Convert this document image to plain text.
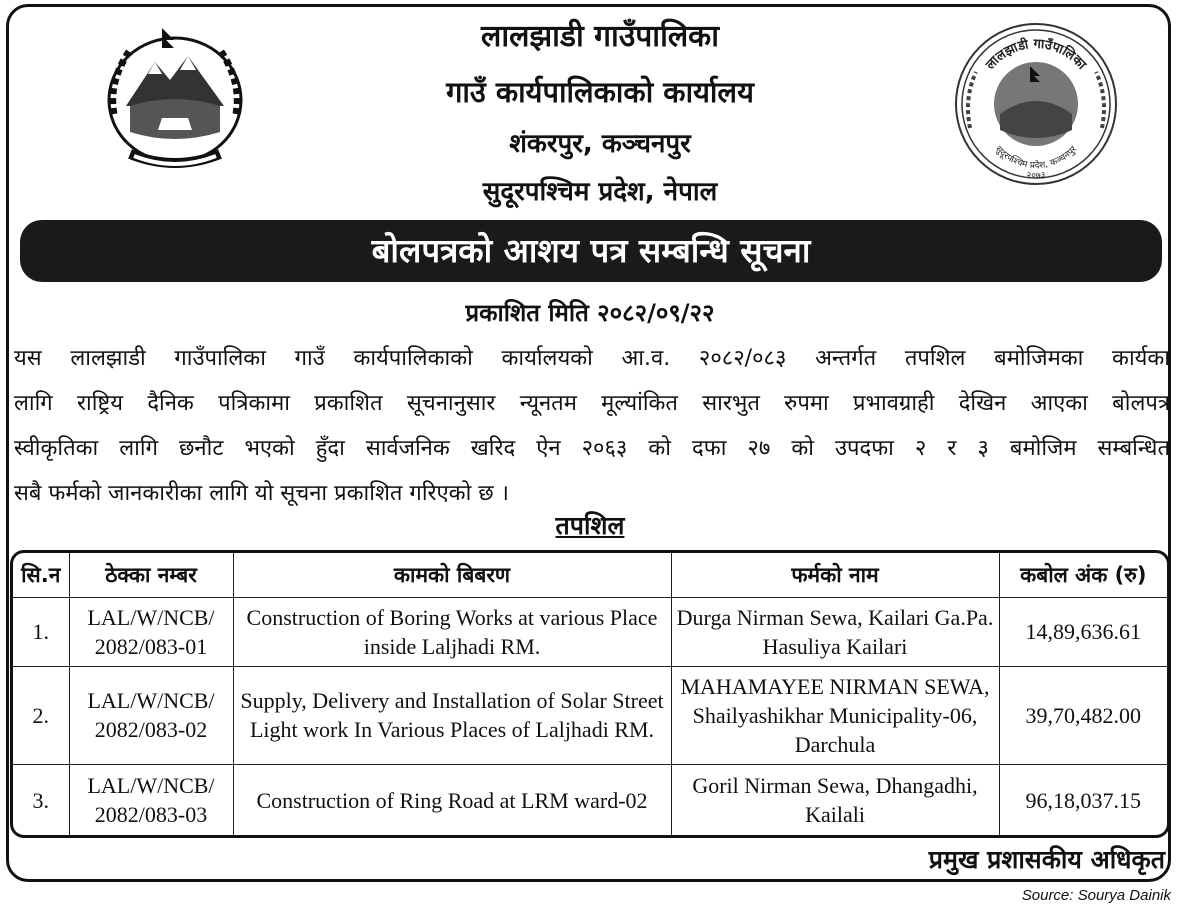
लालझाडी गाउँपालिका
सुदूरपश्चिम प्रदेश, कञ्चनपुर
२०७३
लालझाडी गाउँपालिका
गाउँ कार्यपालिकाको कार्यालय
शंकरपुर, कञ्चनपुर
सुदूरपश्चिम प्रदेश, नेपाल
बोलपत्रको आशय पत्र सम्बन्धि सूचना
प्रकाशित मिति २०८२/०९/२२
यस लालझाडी गाउँपालिका गाउँ कार्यपालिकाको कार्यालयको आ.व. २०८२/०८३ अन्तर्गत तपशिल बमोजिमका कार्यका
लागि राष्ट्रिय दैनिक पत्रिकामा प्रकाशित सूचनानुसार न्यूनतम मूल्यांकित सारभुत रुपमा प्रभावग्राही देखिन आएका बोलपत्र
स्वीकृतिका लागि छनौट भएको हुँदा सार्वजनिक खरिद ऐन २०६३ को दफा २७ को उपदफा २ र ३ बमोजिम सम्बन्धित
सबै फर्मको जानकारीका लागि यो सूचना प्रकाशित गरिएको छ ।
तपशिल
सि.न	ठेक्का नम्बर	कामको बिबरण	फर्मको नाम	कबोल अंक (रु)
1.	LAL/W/NCB/ 2082/083-01	Construction of Boring Works at various Place inside Laljhadi RM.	Durga Nirman Sewa, Kailari Ga.Pa. Hasuliya Kailari	14,89,636.61
2.	LAL/W/NCB/ 2082/083-02	Supply, Delivery and Installation of Solar Street Light work In Various Places of Laljhadi RM.	MAHAMAYEE NIRMAN SEWA, Shailyashikhar Municipality-06, Darchula	39,70,482.00
3.	LAL/W/NCB/ 2082/083-03	Construction of Ring Road at LRM ward-02	Goril Nirman Sewa, Dhangadhi, Kailali	96,18,037.15
प्रमुख प्रशासकीय अधिकृत
Source: Sourya Dainik
